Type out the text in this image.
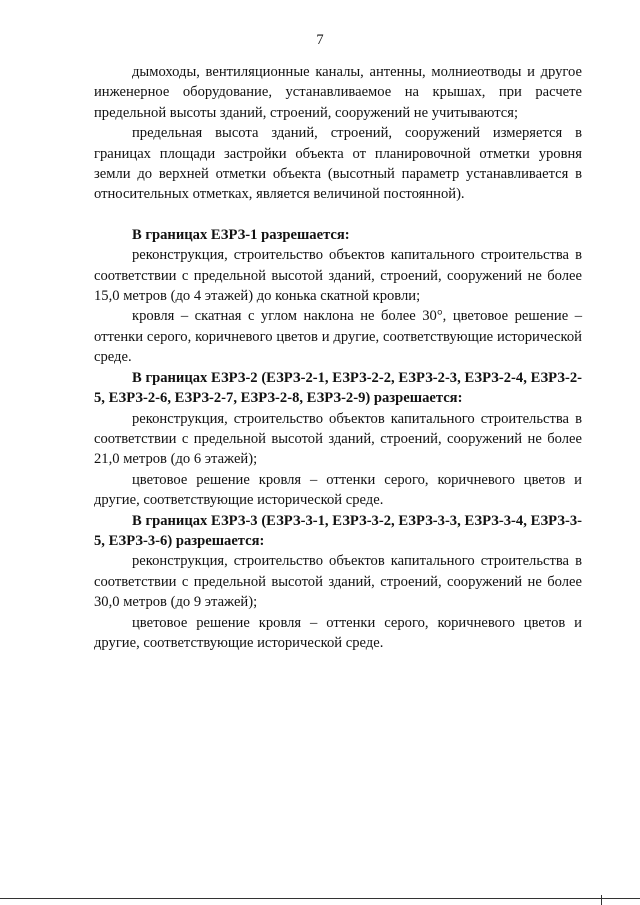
7

дымоходы, вентиляционные каналы, антенны, молниеотводы и другое инженерное оборудование, устанавливаемое на крышах, при расчете предельной высоты зданий, строений, сооружений не учитываются;

предельная высота зданий, строений, сооружений измеряется в границах площади застройки объекта от планировочной отметки уровня земли до верхней отметки объекта (высотный параметр устанавливается в относительных отметках, является величиной постоянной).

В границах ЕЗРЗ-1 разрешается:

реконструкция, строительство объектов капитального строительства в соответствии с предельной высотой зданий, строений, сооружений не более 15,0 метров (до 4 этажей) до конька скатной кровли;

кровля – скатная с углом наклона не более 30°, цветовое решение – оттенки серого, коричневого цветов и другие, соответствующие исторической среде.

В границах ЕЗРЗ-2 (ЕЗРЗ-2-1, ЕЗРЗ-2-2, ЕЗРЗ-2-3, ЕЗРЗ-2-4, ЕЗРЗ-2-5, ЕЗРЗ-2-6, ЕЗРЗ-2-7, ЕЗРЗ-2-8, ЕЗРЗ-2-9) разрешается:

реконструкция, строительство объектов капитального строительства в соответствии с предельной высотой зданий, строений, сооружений не более 21,0 метров (до 6 этажей);

цветовое решение кровля – оттенки серого, коричневого цветов и другие, соответствующие исторической среде.

В границах ЕЗРЗ-3 (ЕЗРЗ-3-1, ЕЗРЗ-3-2, ЕЗРЗ-3-3, ЕЗРЗ-3-4, ЕЗРЗ-3-5, ЕЗРЗ-3-6) разрешается:

реконструкция, строительство объектов капитального строительства в соответствии с предельной высотой зданий, строений, сооружений не более 30,0 метров (до 9 этажей);

цветовое решение кровля – оттенки серого, коричневого цветов и другие, соответствующие исторической среде.
